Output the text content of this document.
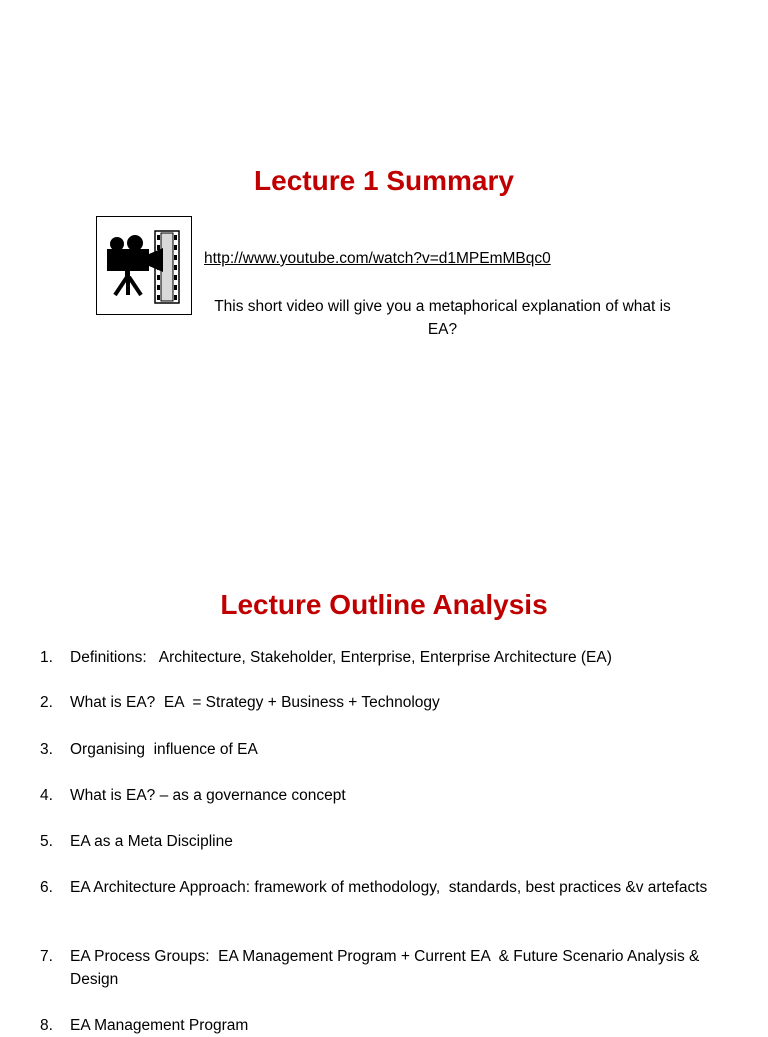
Lecture 1 Summary
http://www.youtube.com/watch?v=d1MPEmMBqc0
This short video will give you a metaphorical explanation of what is EA?
Lecture Outline Analysis
1. Definitions:   Architecture, Stakeholder, Enterprise, Enterprise Architecture (EA)
2. What is EA?  EA  = Strategy + Business + Technology
3. Organising  influence of EA
4. What is EA? – as a governance concept
5. EA as a Meta Discipline
6. EA Architecture Approach: framework of methodology,  standards, best practices &v artefacts
7. EA Process Groups:  EA Management Program + Current EA  & Future Scenario Analysis & Design
8. EA Management Program
